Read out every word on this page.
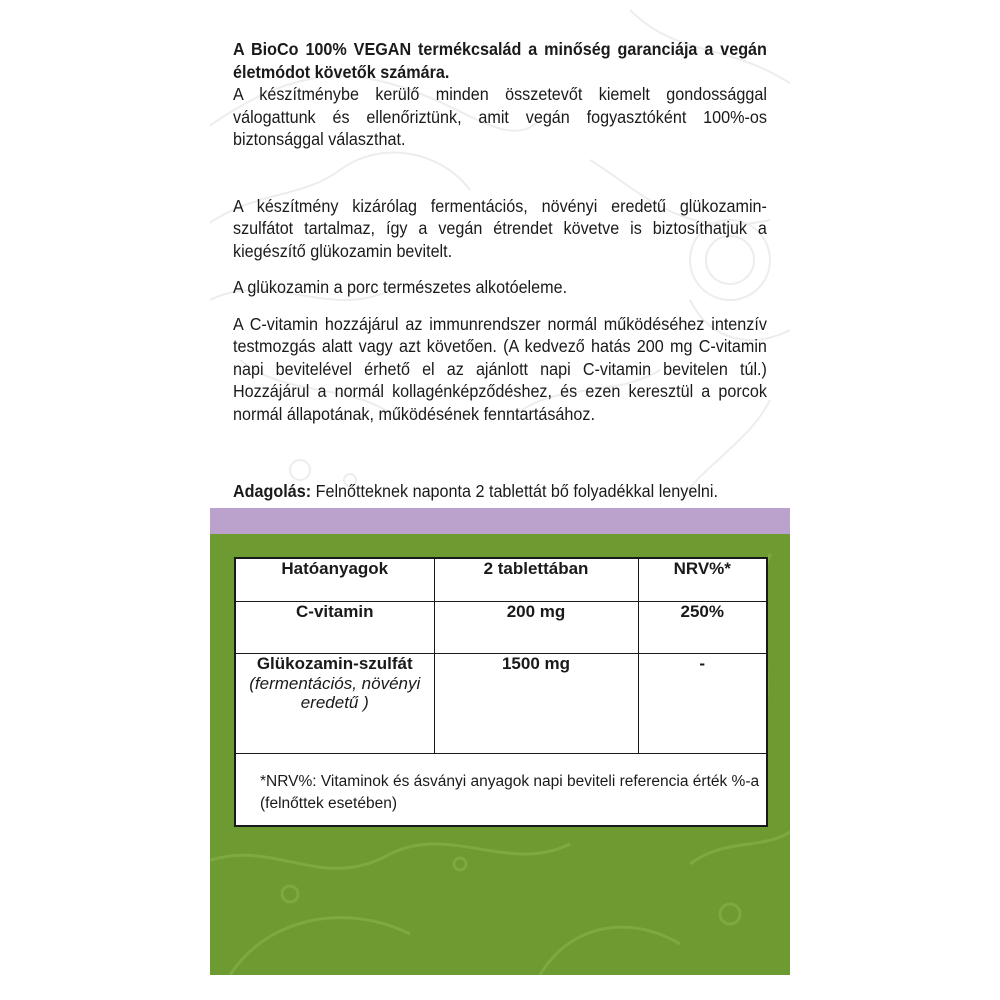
A BioCo 100% VEGAN termékcsalád a minőség garanciája a vegán életmódot követők számára.

A készítménybe kerülő minden összetevőt kiemelt gondossággal válogattunk és ellenőriztünk, amit vegán fogyasztóként 100%-os biztonsággal választhat.

A készítmény kizárólag fermentációs, növényi eredetű glükozamin-szulfátot tartalmaz, így a vegán étrendet követve is biztosíthatjuk a kiegészítő glükozamin bevitelt.

A glükozamin a porc természetes alkotóeleme.

A C-vitamin hozzájárul az immunrendszer normál működéséhez intenzív testmozgás alatt vagy azt követően. (A kedvező hatás 200 mg C-vitamin napi bevitelével érhető el az ajánlott napi C-vitamin bevitelen túl.) Hozzájárul a normál kollagénképződéshez, és ezen keresztül a porcok normál állapotának, működésének fenntartásához.

Adagolás: Felnőtteknek naponta 2 tablettát bő folyadékkal lenyelni.
Hatóanyagok	2 tablettában	NRV%*
C-vitamin	200 mg	250%
Glükozamin-szulfát
(fermentációs, növényi eredetű )	1500 mg	-
*NRV%: Vitaminok és ásványi anyagok napi beviteli referencia érték %-a (felnőttek esetében)
